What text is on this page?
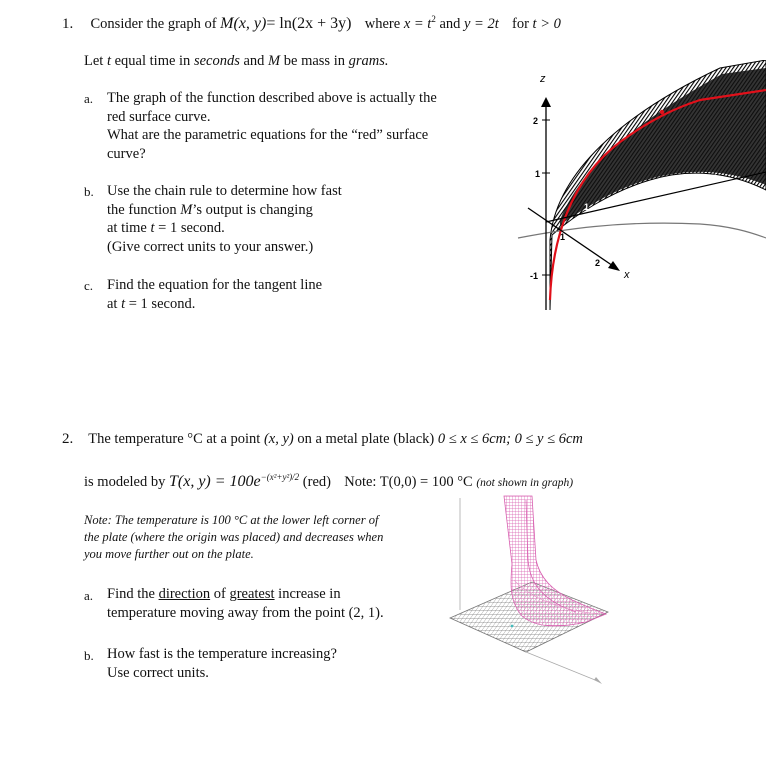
1. Consider the graph of M(x, y)= ln(2x + 3y) where $x = t^2$ and y = 2t for t > 0
Let t equal time in seconds and M be mass in grams.
a. The graph of the function described above is actually the
red surface curve.
What are the parametric equations for the “red” surface
curve?
b. Use the chain rule to determine how fast
the function M’s output is changing
at time t = 1 second.
(Give correct units to your answer.)
c. Find the equation for the tangent line
at t = 1 second.
z
2
1
-1	x
1
2
1
2
3
4
2. The temperature °C at a point (x, y) on a metal plate (black) 0 ≤ x ≤ 6cm; 0 ≤ y ≤ 6cm
is modeled by T(x, $y) = 100e^{-(x^2+y^2)/2}$ (red) Note: T(0,0) = 100 °C (not shown in graph)
Note: The temperature is 100 °C at the lower left corner of
the plate (where the origin was placed) and decreases when
you move further out on the plate.
a. Find the direction of greatest increase in
temperature moving away from the point (2, 1).
b. How fast is the temperature increasing?
Use correct units.
